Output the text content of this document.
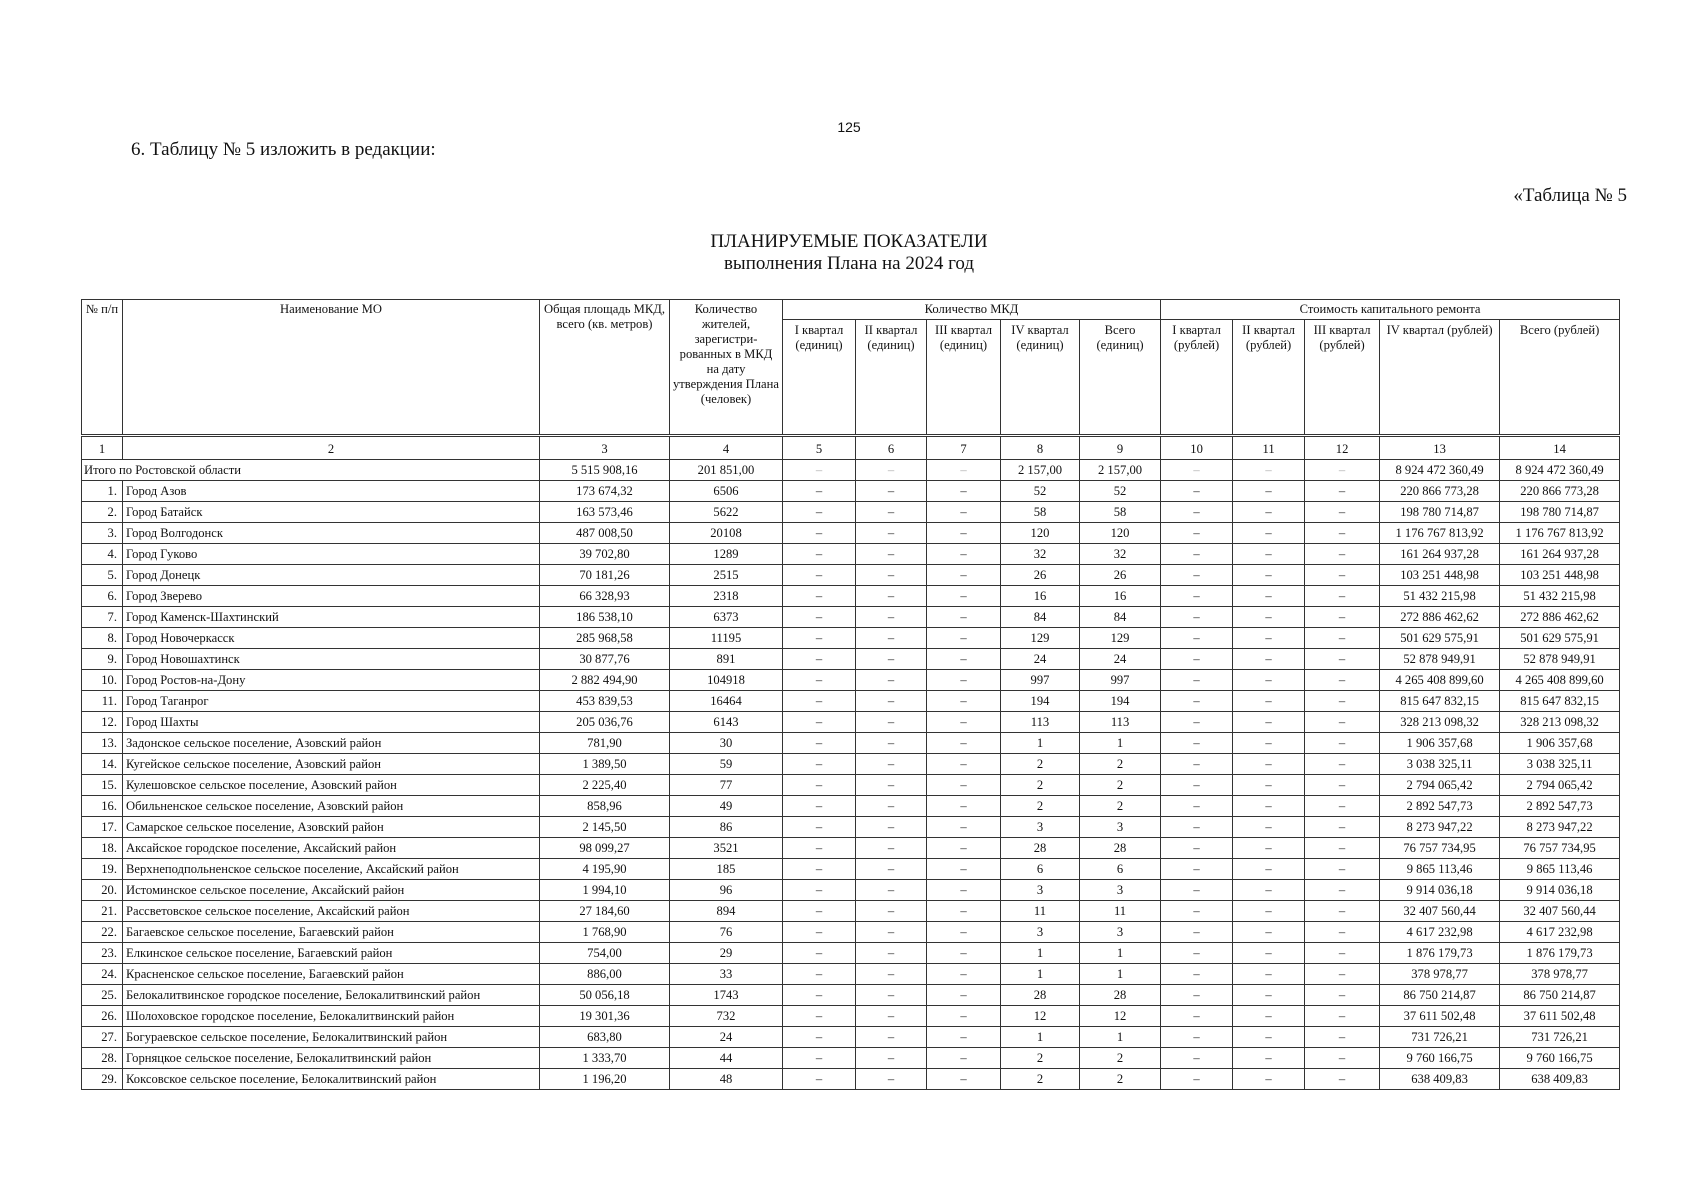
125
6. Таблицу № 5 изложить в редакции:
«Таблица № 5
ПЛАНИРУЕМЫЕ ПОКАЗАТЕЛИ
выполнения Плана на 2024 год
№ п/п	Наименование МО	Общая площадь МКД, всего (кв. метров)	Количество жителей, зарегистри-рованных в МКД на дату утверждения Плана (человек)	Количество МКД					Стоимость капитального ремонта				
				I квартал (единиц)	II квартал (единиц)	III квартал (единиц)	IV квартал (единиц)	Всего (единиц)	I квартал (рублей)	II квартал (рублей)	III квартал (рублей)	IV квартал (рублей)	Всего (рублей)
1	2	3	4	5	6	7	8	9	10	11	12	13	14
Итого по Ростовской области		5 515 908,16	201 851,00	–	–	–	2 157,00	2 157,00	–	–	–	8 924 472 360,49	8 924 472 360,49
1.	Город Азов	173 674,32	6506	–	–	–	52	52	–	–	–	220 866 773,28	220 866 773,28
2.	Город Батайск	163 573,46	5622	–	–	–	58	58	–	–	–	198 780 714,87	198 780 714,87
3.	Город Волгодонск	487 008,50	20108	–	–	–	120	120	–	–	–	1 176 767 813,92	1 176 767 813,92
4.	Город Гуково	39 702,80	1289	–	–	–	32	32	–	–	–	161 264 937,28	161 264 937,28
5.	Город Донецк	70 181,26	2515	–	–	–	26	26	–	–	–	103 251 448,98	103 251 448,98
6.	Город Зверево	66 328,93	2318	–	–	–	16	16	–	–	–	51 432 215,98	51 432 215,98
7.	Город Каменск-Шахтинский	186 538,10	6373	–	–	–	84	84	–	–	–	272 886 462,62	272 886 462,62
8.	Город Новочеркасск	285 968,58	11195	–	–	–	129	129	–	–	–	501 629 575,91	501 629 575,91
9.	Город Новошахтинск	30 877,76	891	–	–	–	24	24	–	–	–	52 878 949,91	52 878 949,91
10.	Город Ростов-на-Дону	2 882 494,90	104918	–	–	–	997	997	–	–	–	4 265 408 899,60	4 265 408 899,60
11.	Город Таганрог	453 839,53	16464	–	–	–	194	194	–	–	–	815 647 832,15	815 647 832,15
12.	Город Шахты	205 036,76	6143	–	–	–	113	113	–	–	–	328 213 098,32	328 213 098,32
13.	Задонское сельское поселение, Азовский район	781,90	30	–	–	–	1	1	–	–	–	1 906 357,68	1 906 357,68
14.	Кугейское сельское поселение, Азовский район	1 389,50	59	–	–	–	2	2	–	–	–	3 038 325,11	3 038 325,11
15.	Кулешовское сельское поселение, Азовский район	2 225,40	77	–	–	–	2	2	–	–	–	2 794 065,42	2 794 065,42
16.	Обильненское сельское поселение, Азовский район	858,96	49	–	–	–	2	2	–	–	–	2 892 547,73	2 892 547,73
17.	Самарское сельское поселение, Азовский район	2 145,50	86	–	–	–	3	3	–	–	–	8 273 947,22	8 273 947,22
18.	Аксайское городское поселение, Аксайский район	98 099,27	3521	–	–	–	28	28	–	–	–	76 757 734,95	76 757 734,95
19.	Верхнеподпольненское сельское поселение, Аксайский район	4 195,90	185	–	–	–	6	6	–	–	–	9 865 113,46	9 865 113,46
20.	Истоминское сельское поселение, Аксайский район	1 994,10	96	–	–	–	3	3	–	–	–	9 914 036,18	9 914 036,18
21.	Рассветовское сельское поселение, Аксайский район	27 184,60	894	–	–	–	11	11	–	–	–	32 407 560,44	32 407 560,44
22.	Багаевское сельское поселение, Багаевский район	1 768,90	76	–	–	–	3	3	–	–	–	4 617 232,98	4 617 232,98
23.	Елкинское сельское поселение, Багаевский район	754,00	29	–	–	–	1	1	–	–	–	1 876 179,73	1 876 179,73
24.	Красненское сельское поселение, Багаевский район	886,00	33	–	–	–	1	1	–	–	–	378 978,77	378 978,77
25.	Белокалитвинское городское поселение, Белокалитвинский район	50 056,18	1743	–	–	–	28	28	–	–	–	86 750 214,87	86 750 214,87
26.	Шолоховское городское поселение, Белокалитвинский район	19 301,36	732	–	–	–	12	12	–	–	–	37 611 502,48	37 611 502,48
27.	Богураевское сельское поселение, Белокалитвинский район	683,80	24	–	–	–	1	1	–	–	–	731 726,21	731 726,21
28.	Горняцкое сельское поселение, Белокалитвинский район	1 333,70	44	–	–	–	2	2	–	–	–	9 760 166,75	9 760 166,75
29.	Коксовское сельское поселение, Белокалитвинский район	1 196,20	48	–	–	–	2	2	–	–	–	638 409,83	638 409,83
